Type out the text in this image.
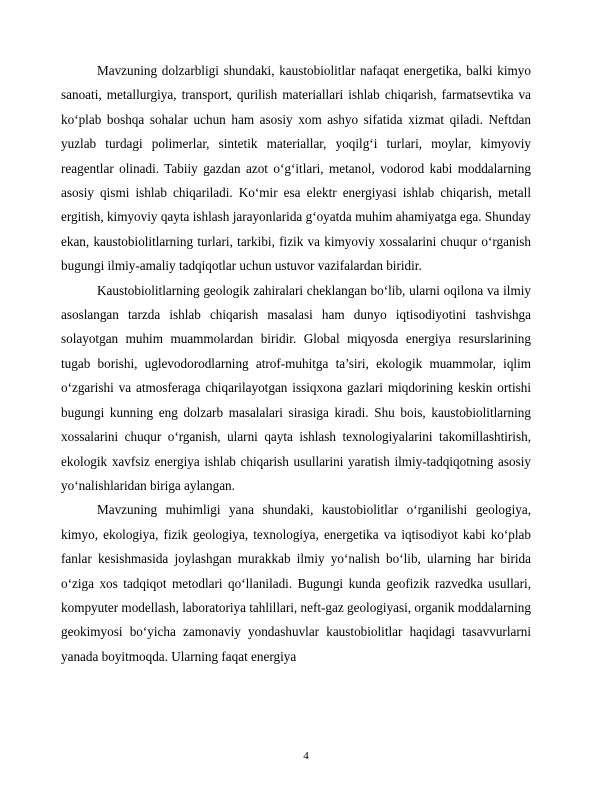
Mavzuning dolzarbligi shundaki, kaustobiolitlar nafaqat energetika, balki kimyo sanoati, metallurgiya, transport, qurilish materiallari ishlab chiqarish, farmatsevtika va ko‘plab boshqa sohalar uchun ham asosiy xom ashyo sifatida xizmat qiladi. Neftdan yuzlab turdagi polimerlar, sintetik materiallar, yoqilg‘i turlari, moylar, kimyoviy reagentlar olinadi. Tabiiy gazdan azot o‘g‘itlari, metanol, vodorod kabi moddalarning asosiy qismi ishlab chiqariladi. Ko‘mir esa elektr energiyasi ishlab chiqarish, metall ergitish, kimyoviy qayta ishlash jarayonlarida g‘oyatda muhim ahamiyatga ega. Shunday ekan, kaustobiolitlarning turlari, tarkibi, fizik va kimyoviy xossalarini chuqur o‘rganish bugungi ilmiy-amaliy tadqiqotlar uchun ustuvor vazifalardan biridir.

Kaustobiolitlarning geologik zahiralari cheklangan bo‘lib, ularni oqilona va ilmiy asoslangan tarzda ishlab chiqarish masalasi ham dunyo iqtisodiyotini tashvishga solayotgan muhim muammolardan biridir. Global miqyosda energiya resurslarining tugab borishi, uglevodorodlarning atrof-muhitga ta’siri, ekologik muammolar, iqlim o‘zgarishi va atmosferaga chiqarilayotgan issiqxona gazlari miqdorining keskin ortishi bugungi kunning eng dolzarb masalalari sirasiga kiradi. Shu bois, kaustobiolitlarning xossalarini chuqur o‘rganish, ularni qayta ishlash texnologiyalarini takomillashtirish, ekologik xavfsiz energiya ishlab chiqarish usullarini yaratish ilmiy-tadqiqotning asosiy yo‘nalishlaridan biriga aylangan.

Mavzuning muhimligi yana shundaki, kaustobiolitlar o‘rganilishi geologiya, kimyo, ekologiya, fizik geologiya, texnologiya, energetika va iqtisodiyot kabi ko‘plab fanlar kesishmasida joylashgan murakkab ilmiy yo‘nalish bo‘lib, ularning har birida o‘ziga xos tadqiqot metodlari qo‘llaniladi. Bugungi kunda geofizik razvedka usullari, kompyuter modellash, laboratoriya tahlillari, neft-gaz geologiyasi, organik moddalarning geokimyosi bo‘yicha zamonaviy yondashuvlar kaustobiolitlar haqidagi tasavvurlarni yanada boyitmoqda. Ularning faqat energiya

4
